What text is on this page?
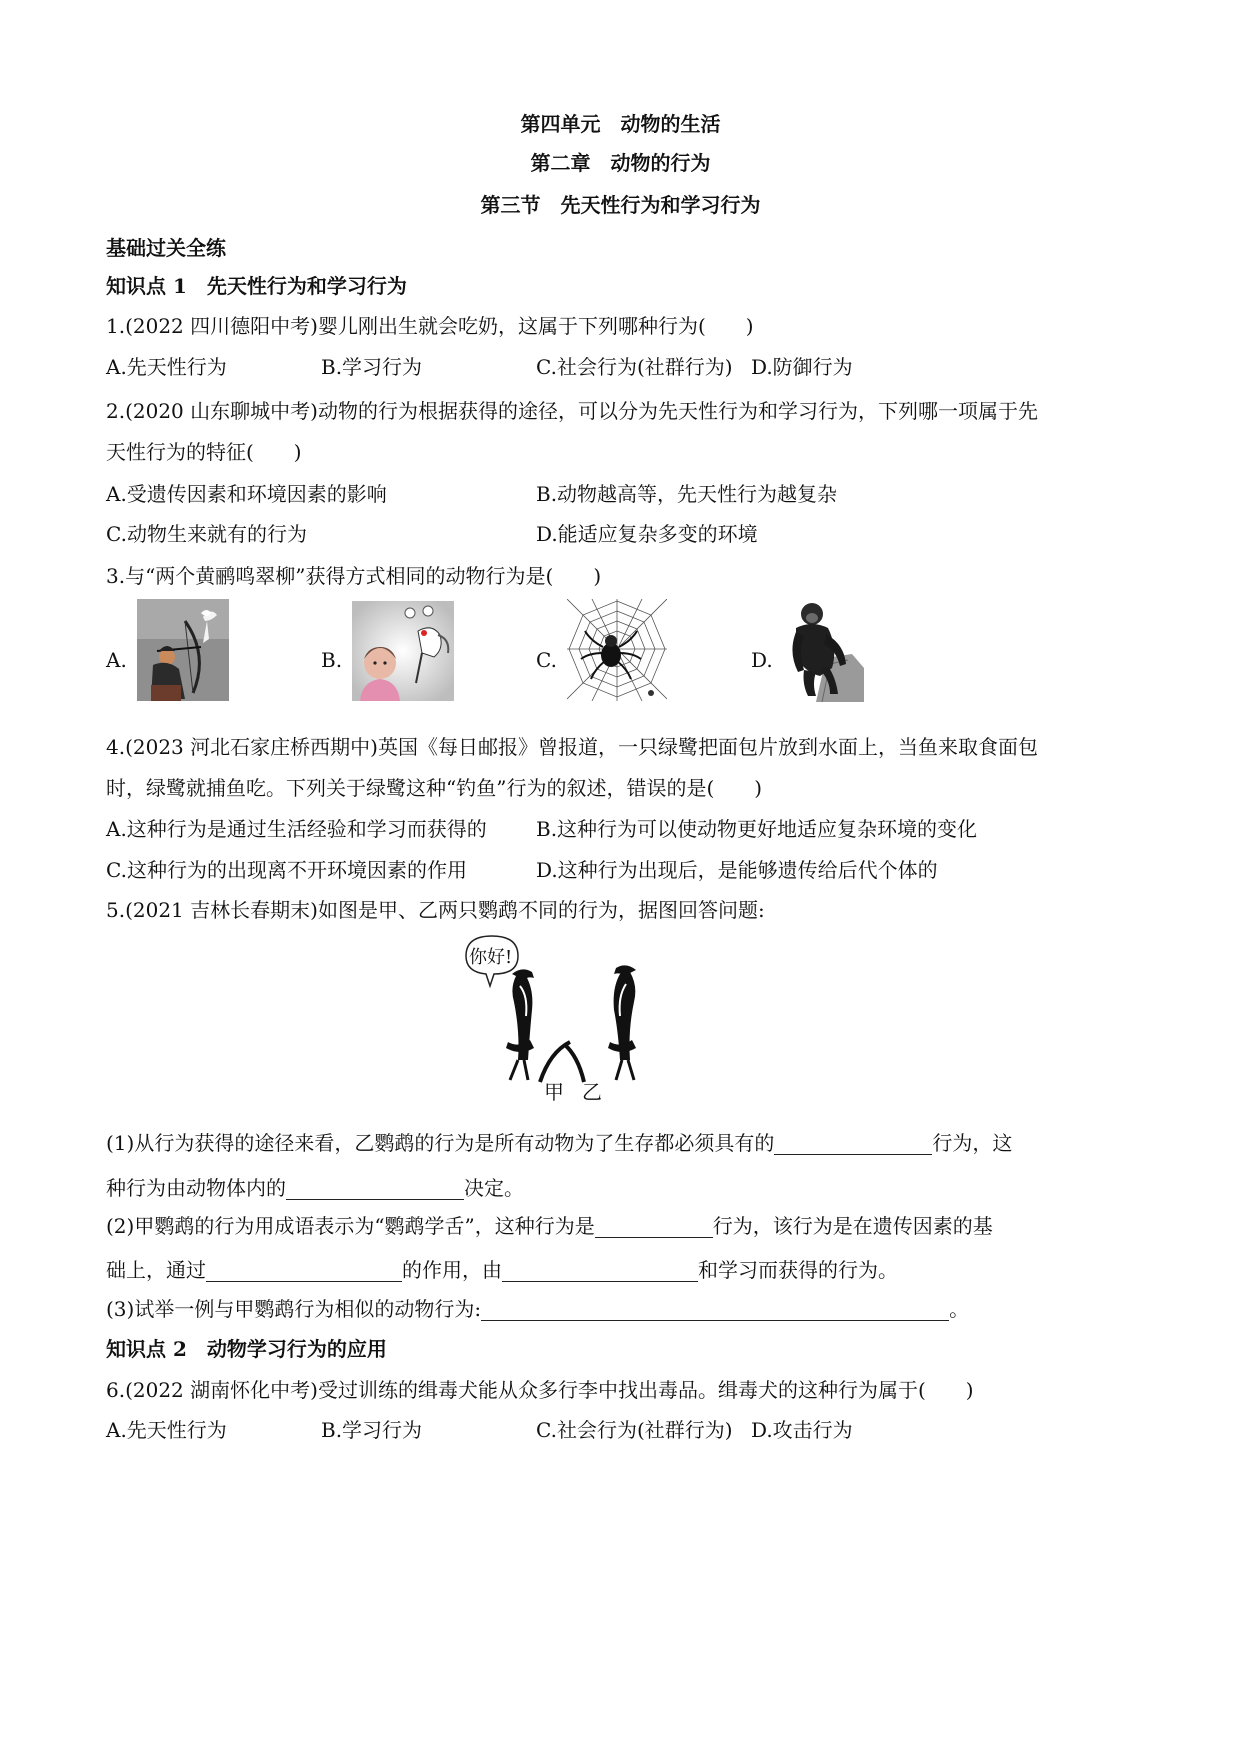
第四单元　动物的生活
第二章　动物的行为
第三节　先天性行为和学习行为
基础过关全练
知识点 1　先天性行为和学习行为
1.(2022 四川德阳中考)婴儿刚出生就会吃奶，这属于下列哪种行为(　　)
A.先天性行为	B.学习行为	C.社会行为(社群行为) D.防御行为
2.(2020 山东聊城中考)动物的行为根据获得的途径，可以分为先天性行为和学习行为，下列哪一项属于先
天性行为的特征(　　)
A.受遗传因素和环境因素的影响	B.动物越高等，先天性行为越复杂
C.动物生来就有的行为	D.能适应复杂多变的环境
3.与“两个黄鹂鸣翠柳”获得方式相同的动物行为是(　　)
A.	B.	C.	D.
4.(2023 河北石家庄桥西期中)英国《每日邮报》曾报道，一只绿鹭把面包片放到水面上，当鱼来取食面包
时，绿鹭就捕鱼吃。下列关于绿鹭这种“钓鱼”行为的叙述，错误的是(　　)
A.这种行为是通过生活经验和学习而获得的 B.这种行为可以使动物更好地适应复杂环境的变化
C.这种行为的出现离不开环境因素的作用	D.这种行为出现后，是能够遗传给后代个体的
5.(2021 吉林长春期末)如图是甲、乙两只鹦鹉不同的行为，据图回答问题:
你好!
甲 乙
(1)从行为获得的途径来看，乙鹦鹉的行为是所有动物为了生存都必须具有的	行为，这
种行为由动物体内的	决定。
(2)甲鹦鹉的行为用成语表示为“鹦鹉学舌”，这种行为是	行为，该行为是在遗传因素的基
础上，通过	的作用，由	和学习而获得的行为。
(3)试举一例与甲鹦鹉行为相似的动物行为:	。
知识点 2　动物学习行为的应用
6.(2022 湖南怀化中考)受过训练的缉毒犬能从众多行李中找出毒品。缉毒犬的这种行为属于(　　)
A.先天性行为	B.学习行为	C.社会行为(社群行为) D.攻击行为
